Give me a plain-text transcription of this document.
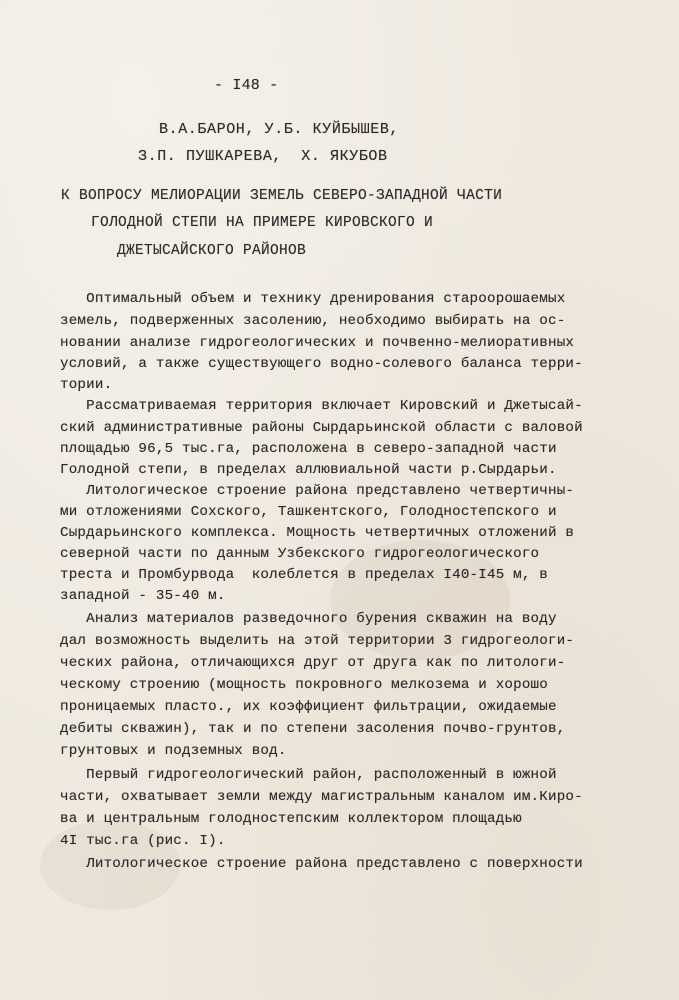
- I48 -
В.А.БАРОН, У.Б. КУЙБЫШЕВ,
З.П. ПУШКАРЕВА,  Х. ЯКУБОВ
К ВОПРОСУ МЕЛИОРАЦИИ ЗЕМЕЛЬ СЕВЕРО-ЗАПАДНОЙ ЧАСТИ
ГОЛОДНОЙ СТЕПИ НА ПРИМЕРЕ КИРОВСКОГО И
ДЖЕТЫСАЙСКОГО РАЙОНОВ
Оптимальный объем и технику дренирования староорошаемых
земель, подверженных засолению, необходимо выбирать на ос-
новании анализе гидрогеологических и почвенно-мелиоративных
условий, а также существующего водно-солевого баланса терри-
тории.
Рассматриваемая территория включает Кировский и Джетысай-
ский административные районы Сырдарьинской области с валовой
площадью 96,5 тыс.га, расположена в северо-западной части
Голодной степи, в пределах аллювиальной части р.Сырдарьи.
Литологическое строение района представлено четвертичны-
ми отложениями Сохского, Ташкентского, Голодностепского и
Сырдарьинского комплекса. Мощность четвертичных отложений в
северной части по данным Узбекского гидрогеологического
треста и Промбурвода  колеблется в пределах I40-I45 м, в
западной - 35-40 м.
Анализ материалов разведочного бурения скважин на воду
дал возможность выделить на этой территории 3 гидрогеологи-
ческих района, отличающихся друг от друга как по литологи-
ческому строению (мощность покровного мелкозема и хорошо
проницаемых пласто., их коэффициент фильтрации, ожидаемые
дебиты скважин), так и по степени засоления почво-грунтов,
грунтовых и подземных вод.
Первый гидрогеологический район, расположенный в южной
части, охватывает земли между магистральным каналом им.Киро-
ва и центральным голодностепским коллектором площадью
4I тыс.га (рис. I).
Литологическое строение района представлено с поверхности
